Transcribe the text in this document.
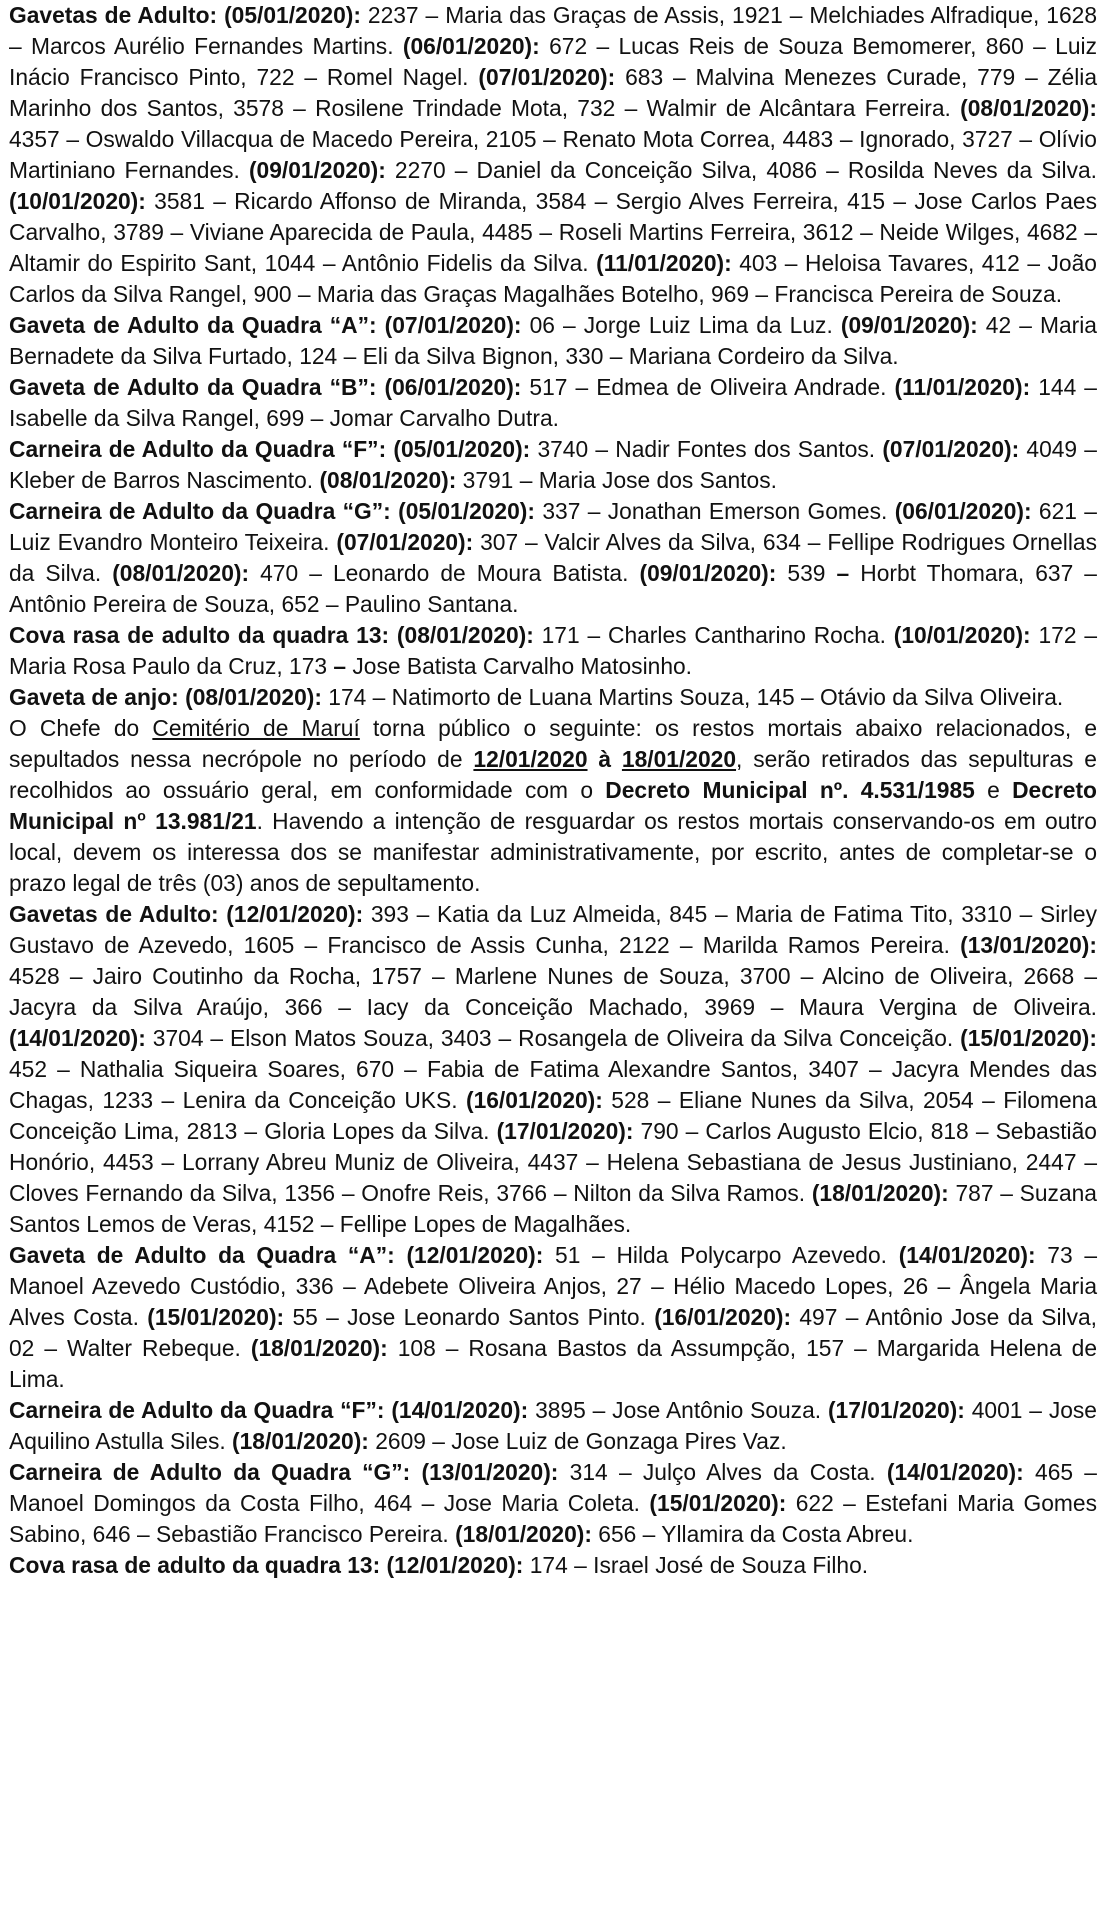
Gavetas de Adulto: (05/01/2020): 2237 – Maria das Graças de Assis, 1921 – Melchiades Alfradique, 1628 – Marcos Aurélio Fernandes Martins. (06/01/2020): 672 – Lucas Reis de Souza Bemomerer, 860 – Luiz Inácio Francisco Pinto, 722 – Romel Nagel. (07/01/2020): 683 – Malvina Menezes Curade, 779 – Zélia Marinho dos Santos, 3578 – Rosilene Trindade Mota, 732 – Walmir de Alcântara Ferreira. (08/01/2020): 4357 – Oswaldo Villacqua de Macedo Pereira, 2105 – Renato Mota Correa, 4483 – Ignorado, 3727 – Olívio Martiniano Fernandes. (09/01/2020): 2270 – Daniel da Conceição Silva, 4086 – Rosilda Neves da Silva. (10/01/2020): 3581 – Ricardo Affonso de Miranda, 3584 – Sergio Alves Ferreira, 415 – Jose Carlos Paes Carvalho, 3789 – Viviane Aparecida de Paula, 4485 – Roseli Martins Ferreira, 3612 – Neide Wilges, 4682 – Altamir do Espirito Sant, 1044 – Antônio Fidelis da Silva. (11/01/2020): 403 – Heloisa Tavares, 412 – João Carlos da Silva Rangel, 900 – Maria das Graças Magalhães Botelho, 969 – Francisca Pereira de Souza.

Gaveta de Adulto da Quadra “A”: (07/01/2020): 06 – Jorge Luiz Lima da Luz. (09/01/2020): 42 – Maria Bernadete da Silva Furtado, 124 – Eli da Silva Bignon, 330 – Mariana Cordeiro da Silva.

Gaveta de Adulto da Quadra “B”: (06/01/2020): 517 – Edmea de Oliveira Andrade. (11/01/2020): 144 – Isabelle da Silva Rangel, 699 – Jomar Carvalho Dutra.

Carneira de Adulto da Quadra “F”: (05/01/2020): 3740 – Nadir Fontes dos Santos. (07/01/2020): 4049 – Kleber de Barros Nascimento. (08/01/2020): 3791 – Maria Jose dos Santos.

Carneira de Adulto da Quadra “G”: (05/01/2020): 337 – Jonathan Emerson Gomes. (06/01/2020): 621 – Luiz Evandro Monteiro Teixeira. (07/01/2020): 307 – Valcir Alves da Silva, 634 – Fellipe Rodrigues Ornellas da Silva. (08/01/2020): 470 – Leonardo de Moura Batista. (09/01/2020): 539 – Horbt Thomara, 637 – Antônio Pereira de Souza, 652 – Paulino Santana.

Cova rasa de adulto da quadra 13: (08/01/2020): 171 – Charles Cantharino Rocha. (10/01/2020): 172 – Maria Rosa Paulo da Cruz, 173 – Jose Batista Carvalho Matosinho.

Gaveta de anjo: (08/01/2020): 174 – Natimorto de Luana Martins Souza, 145 – Otávio da Silva Oliveira.

O Chefe do Cemitério de Maruí torna público o seguinte: os restos mortais abaixo relacionados, e sepultados nessa necrópole no período de 12/01/2020 à 18/01/2020, serão retirados das sepulturas e recolhidos ao ossuário geral, em conformidade com o Decreto Municipal nº. 4.531/1985 e Decreto Municipal $n^o$ 13.981/21. Havendo a intenção de resguardar os restos mortais conservando-os em outro local, devem os interessa dos se manifestar administrativamente, por escrito, antes de completar-se o prazo legal de três (03) anos de sepultamento.

Gavetas de Adulto: (12/01/2020): 393 – Katia da Luz Almeida, 845 – Maria de Fatima Tito, 3310 – Sirley Gustavo de Azevedo, 1605 – Francisco de Assis Cunha, 2122 – Marilda Ramos Pereira. (13/01/2020): 4528 – Jairo Coutinho da Rocha, 1757 – Marlene Nunes de Souza, 3700 – Alcino de Oliveira, 2668 – Jacyra da Silva Araújo, 366 – Iacy da Conceição Machado, 3969 – Maura Vergina de Oliveira. (14/01/2020): 3704 – Elson Matos Souza, 3403 – Rosangela de Oliveira da Silva Conceição. (15/01/2020): 452 – Nathalia Siqueira Soares, 670 – Fabia de Fatima Alexandre Santos, 3407 – Jacyra Mendes das Chagas, 1233 – Lenira da Conceição UKS. (16/01/2020): 528 – Eliane Nunes da Silva, 2054 – Filomena Conceição Lima, 2813 – Gloria Lopes da Silva. (17/01/2020): 790 – Carlos Augusto Elcio, 818 – Sebastião Honório, 4453 – Lorrany Abreu Muniz de Oliveira, 4437 – Helena Sebastiana de Jesus Justiniano, 2447 – Cloves Fernando da Silva, 1356 – Onofre Reis, 3766 – Nilton da Silva Ramos. (18/01/2020): 787 – Suzana Santos Lemos de Veras, 4152 – Fellipe Lopes de Magalhães.

Gaveta de Adulto da Quadra “A”: (12/01/2020): 51 – Hilda Polycarpo Azevedo. (14/01/2020): 73 – Manoel Azevedo Custódio, 336 – Adebete Oliveira Anjos, 27 – Hélio Macedo Lopes, 26 – Ângela Maria Alves Costa. (15/01/2020): 55 – Jose Leonardo Santos Pinto. (16/01/2020): 497 – Antônio Jose da Silva, 02 – Walter Rebeque. (18/01/2020): 108 – Rosana Bastos da Assumpção, 157 – Margarida Helena de Lima.

Carneira de Adulto da Quadra “F”: (14/01/2020): 3895 – Jose Antônio Souza. (17/01/2020): 4001 – Jose Aquilino Astulla Siles. (18/01/2020): 2609 – Jose Luiz de Gonzaga Pires Vaz.

Carneira de Adulto da Quadra “G”: (13/01/2020): 314 – Julço Alves da Costa. (14/01/2020): 465 – Manoel Domingos da Costa Filho, 464 – Jose Maria Coleta. (15/01/2020): 622 – Estefani Maria Gomes Sabino, 646 – Sebastião Francisco Pereira. (18/01/2020): 656 – Yllamira da Costa Abreu.

Cova rasa de adulto da quadra 13: (12/01/2020): 174 – Israel José de Souza Filho.
